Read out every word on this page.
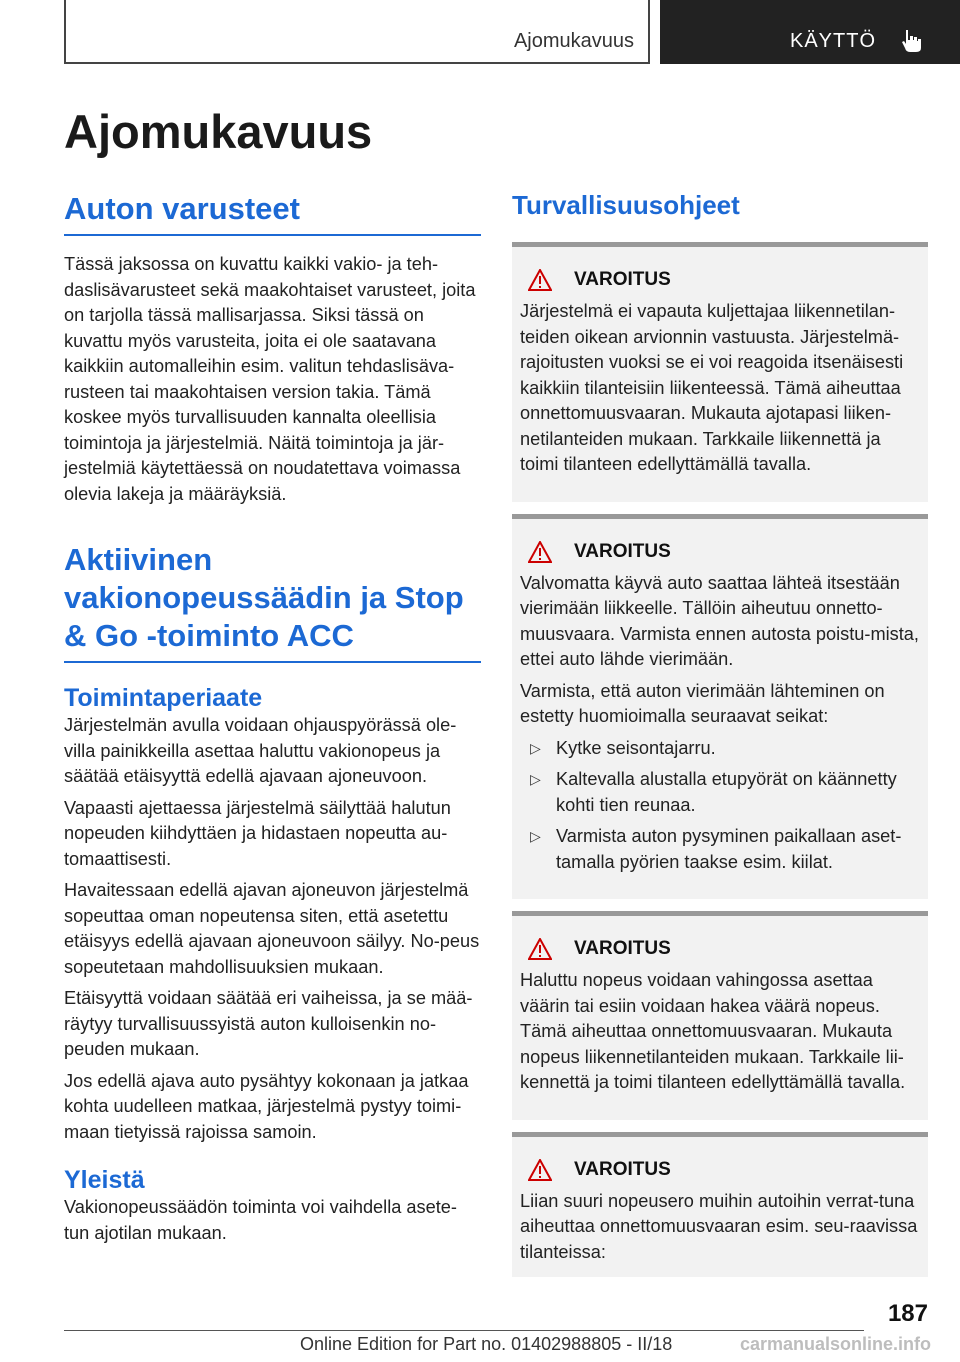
Ajomukavuus	KÄYTTÖ
Ajomukavuus
Auton varusteet

Tässä jaksossa on kuvattu kaikki vakio- ja teh-daslisävarusteet sekä maakohtaiset varusteet, joita on tarjolla tässä mallisarjassa. Siksi tässä on kuvattu myös varusteita, joita ei ole saatavana kaikkiin automalleihin esim. valitun tehdaslisäva-rusteen tai maakohtaisen version takia. Tämä koskee myös turvallisuuden kannalta oleellisia toimintoja ja järjestelmiä. Näitä toimintoja ja jär-jestelmiä käytettäessä on noudatettava voimassa olevia lakeja ja määräyksiä.

Aktiivinen vakionopeussäädin ja Stop & Go -toiminto ACC
Toimintaperiaate

Järjestelmän avulla voidaan ohjauspyörässä ole-villa painikkeilla asettaa haluttu vakionopeus ja säätää etäisyyttä edellä ajavaan ajoneuvoon.

Vapaasti ajettaessa järjestelmä säilyttää halutun nopeuden kiihdyttäen ja hidastaen nopeutta au-tomaattisesti.

Havaitessaan edellä ajavan ajoneuvon järjestelmä sopeuttaa oman nopeutensa siten, että asetettu etäisyys edellä ajavaan ajoneuvoon säilyy. No-peus sopeutetaan mahdollisuuksien mukaan.

Etäisyyttä voidaan säätää eri vaiheissa, ja se mää-räytyy turvallisuussyistä auton kulloisenkin no-peuden mukaan.

Jos edellä ajava auto pysähtyy kokonaan ja jatkaa kohta uudelleen matkaa, järjestelmä pystyy toimi-maan tietyissä rajoissa samoin.

Yleistä

Vakionopeussäädön toiminta voi vaihdella asete-tun ajotilan mukaan.

Turvallisuusohjeet
VAROITUS

Järjestelmä ei vapauta kuljettajaa liikennetilan-teiden oikean arvionnin vastuusta. Järjestelmä-rajoitusten vuoksi se ei voi reagoida itsenäisesti kaikkiin tilanteisiin liikenteessä. Tämä aiheuttaa onnettomuusvaaran. Mukauta ajotapasi liiken-netilanteiden mukaan. Tarkkaile liikennettä ja toimi tilanteen edellyttämällä tavalla.

VAROITUS

Valvomatta käyvä auto saattaa lähteä itsestään vierimään liikkeelle. Tällöin aiheutuu onnetto-muusvaara. Varmista ennen autosta poistu-mista, ettei auto lähde vierimään.

Varmista, että auton vierimään lähteminen on estetty huomioimalla seuraavat seikat:

▷ Kytke seisontajarru.
▷ Kaltevalla alustalla etupyörät on käännetty kohti tien reunaa.
▷ Varmista auton pysyminen paikallaan aset-tamalla pyörien taakse esim. kiilat.
VAROITUS

Haluttu nopeus voidaan vahingossa asettaa väärin tai esiin voidaan hakea väärä nopeus. Tämä aiheuttaa onnettomuusvaaran. Mukauta nopeus liikennetilanteiden mukaan. Tarkkaile lii-kennettä ja toimi tilanteen edellyttämällä tavalla.

VAROITUS

Liian suuri nopeusero muihin autoihin verrat-tuna aiheuttaa onnettomuusvaaran esim. seu-raavissa tilanteissa:

187
Online Edition for Part no. 01402988805 - II/18	carmanualsonline.info
